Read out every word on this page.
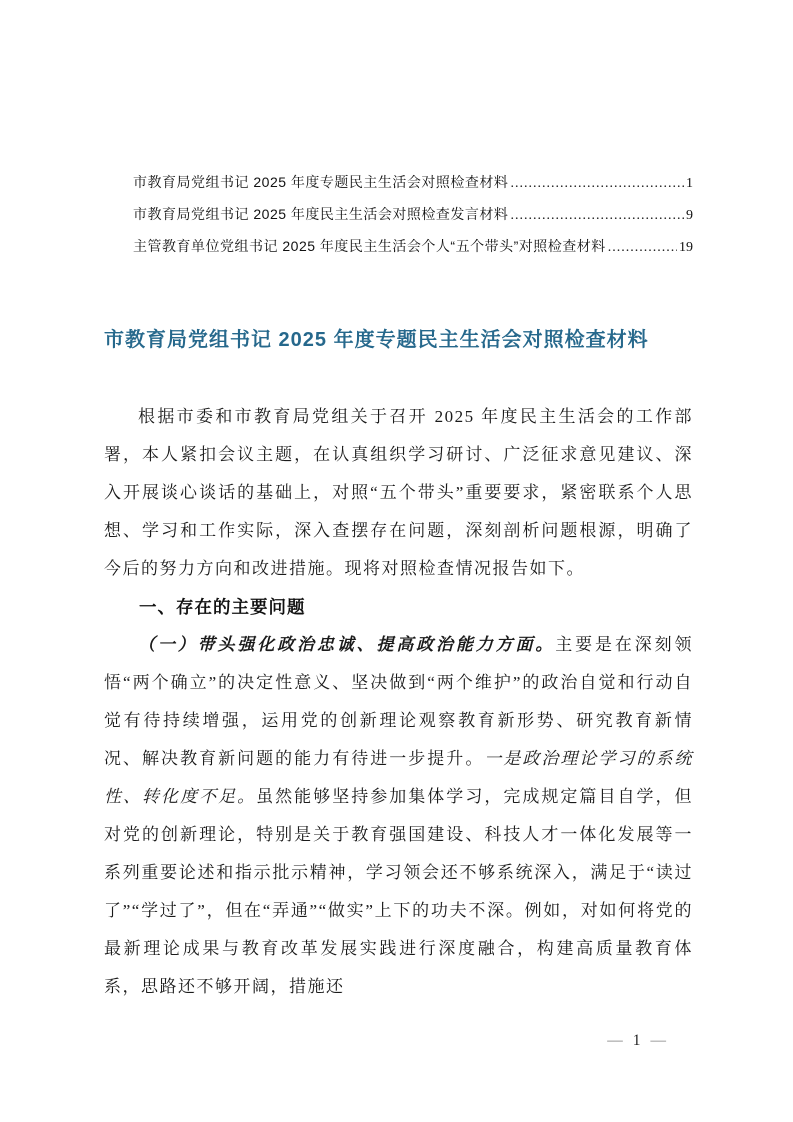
市教育局党组书记 2025 年度专题民主生活会对照检查材料 .....	1
市教育局党组书记 2025 年度民主生活会对照检查发言材料 .....	9
主管教育单位党组书记 2025 年度民主生活会个人“五个带头”对照检查材料 .....	19
市教育局党组书记 2025 年度专题民主生活会对照检查材料

根据市委和市教育局党组关于召开 2025 年度民主生活会的工作部署，本人紧扣会议主题，在认真组织学习研讨、广泛征求意见建议、深入开展谈心谈话的基础上，对照“五个带头”重要要求，紧密联系个人思想、学习和工作实际，深入查摆存在问题，深刻剖析问题根源，明确了今后的努力方向和改进措施。现将对照检查情况报告如下。

一、存在的主要问题

（一）带头强化政治忠诚、提高政治能力方面。主要是在深刻领悟“两个确立”的决定性意义、坚决做到“两个维护”的政治自觉和行动自觉有待持续增强，运用党的创新理论观察教育新形势、研究教育新情况、解决教育新问题的能力有待进一步提升。一是政治理论学习的系统性、转化度不足。虽然能够坚持参加集体学习，完成规定篇目自学，但对党的创新理论，特别是关于教育强国建设、科技人才一体化发展等一系列重要论述和指示批示精神，学习领会还不够系统深入，满足于“读过了”“学过了”，但在“弄通”“做实”上下的功夫不深。例如，对如何将党的最新理论成果与教育改革发展实践进行深度融合，构建高质量教育体系，思路还不够开阔，措施还

— 1 —
